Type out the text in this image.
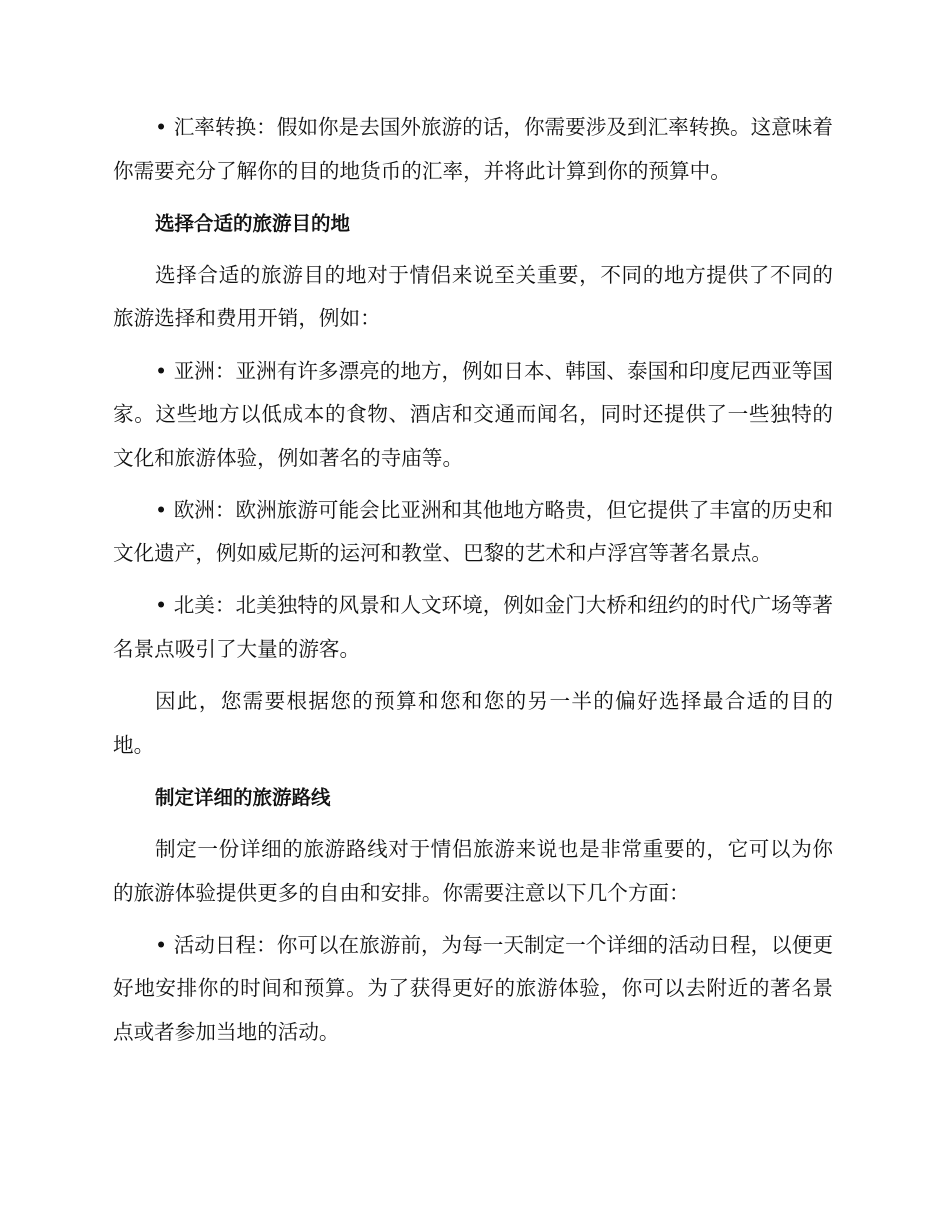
• 汇率转换：假如你是去国外旅游的话，你需要涉及到汇率转换。这意味着你需要充分了解你的目的地货币的汇率，并将此计算到你的预算中。

选择合适的旅游目的地

选择合适的旅游目的地对于情侣来说至关重要，不同的地方提供了不同的旅游选择和费用开销，例如：

• 亚洲：亚洲有许多漂亮的地方，例如日本、韩国、泰国和印度尼西亚等国家。这些地方以低成本的食物、酒店和交通而闻名，同时还提供了一些独特的文化和旅游体验，例如著名的寺庙等。

• 欧洲：欧洲旅游可能会比亚洲和其他地方略贵，但它提供了丰富的历史和文化遗产，例如威尼斯的运河和教堂、巴黎的艺术和卢浮宫等著名景点。

• 北美：北美独特的风景和人文环境，例如金门大桥和纽约的时代广场等著名景点吸引了大量的游客。

因此，您需要根据您的预算和您和您的另一半的偏好选择最合适的目的地。

制定详细的旅游路线

制定一份详细的旅游路线对于情侣旅游来说也是非常重要的，它可以为你的旅游体验提供更多的自由和安排。你需要注意以下几个方面：

• 活动日程：你可以在旅游前，为每一天制定一个详细的活动日程，以便更好地安排你的时间和预算。为了获得更好的旅游体验，你可以去附近的著名景点或者参加当地的活动。
